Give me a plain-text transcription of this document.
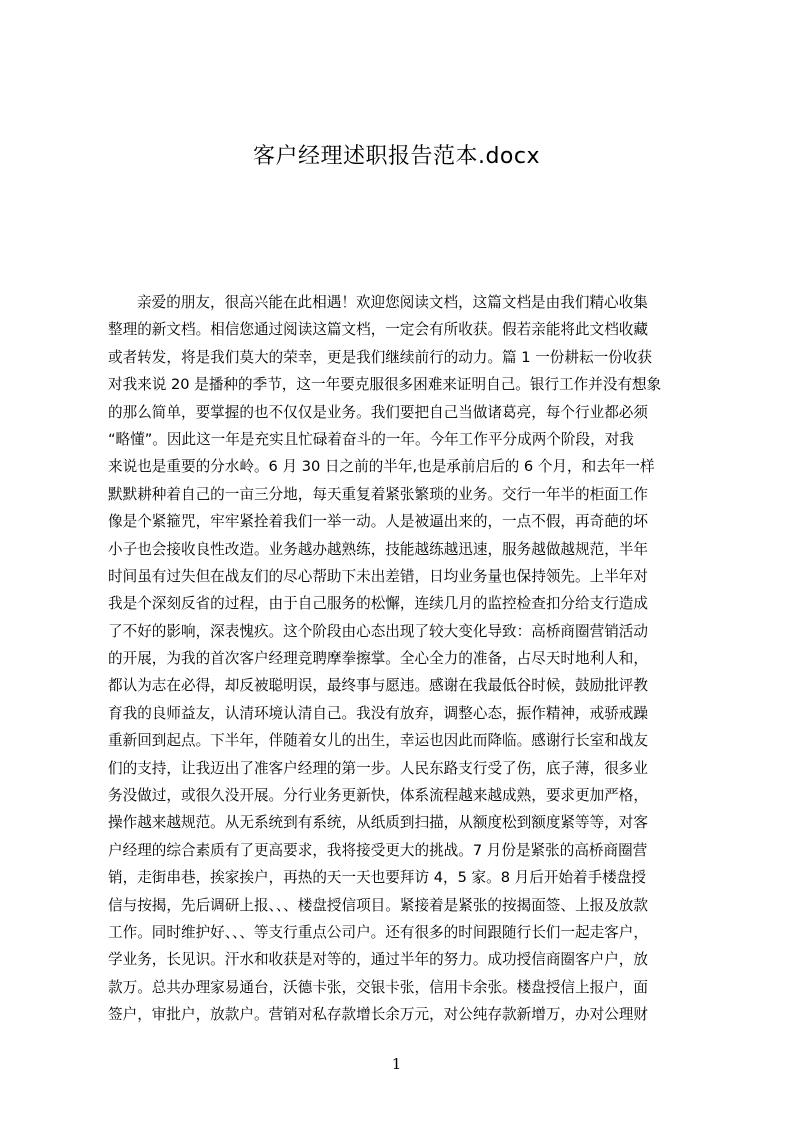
客户经理述职报告范本.docx
亲爱的朋友，很高兴能在此相遇！欢迎您阅读文档，这篇文档是由我们精心收集
整理的新文档。相信您通过阅读这篇文档，一定会有所收获。假若亲能将此文档收藏
或者转发，将是我们莫大的荣幸，更是我们继续前行的动力。篇 1 一份耕耘一份收获
对我来说 20 是播种的季节，这一年要克服很多困难来证明自己。银行工作并没有想象
的那么简单，要掌握的也不仅仅是业务。我们要把自己当做诸葛亮，每个行业都必须
“略懂”。因此这一年是充实且忙碌着奋斗的一年。今年工作平分成两个阶段，对我
来说也是重要的分水岭。6 月 30 日之前的半年,也是承前启后的 6 个月，和去年一样
默默耕种着自己的一亩三分地，每天重复着紧张繁琐的业务。交行一年半的柜面工作
像是个紧箍咒，牢牢紧拴着我们一举一动。人是被逼出来的，一点不假，再奇葩的坏
小子也会接收良性改造。业务越办越熟练，技能越练越迅速，服务越做越规范，半年
时间虽有过失但在战友们的尽心帮助下未出差错，日均业务量也保持领先。上半年对
我是个深刻反省的过程，由于自己服务的松懈，连续几月的监控检查扣分给支行造成
了不好的影响，深表愧疚。这个阶段由心态出现了较大变化导致：高桥商圈营销活动
的开展，为我的首次客户经理竞聘摩拳擦掌。全心全力的准备，占尽天时地利人和，
都认为志在必得，却反被聪明误，最终事与愿违。感谢在我最低谷时候，鼓励批评教
育我的良师益友，认清环境认清自己。我没有放弃，调整心态，振作精神，戒骄戒躁
重新回到起点。下半年，伴随着女儿的出生，幸运也因此而降临。感谢行长室和战友
们的支持，让我迈出了准客户经理的第一步。人民东路支行受了伤，底子薄，很多业
务没做过，或很久没开展。分行业务更新快，体系流程越来越成熟，要求更加严格，
操作越来越规范。从无系统到有系统，从纸质到扫描，从额度松到额度紧等等，对客
户经理的综合素质有了更高要求，我将接受更大的挑战。7 月份是紧张的高桥商圈营
销，走街串巷，挨家挨户，再热的天一天也要拜访 4，5 家。8 月后开始着手楼盘授
信与按揭，先后调研上报、、、楼盘授信项目。紧接着是紧张的按揭面签、上报及放款
工作。同时维护好、、、等支行重点公司户。还有很多的时间跟随行长们一起走客户，
学业务，长见识。汗水和收获是对等的，通过半年的努力。成功授信商圈客户户，放
款万。总共办理家易通台，沃德卡张，交银卡张，信用卡余张。楼盘授信上报户，面
签户，审批户，放款户。营销对私存款增长余万元，对公纯存款新增万，办对公理财
1
